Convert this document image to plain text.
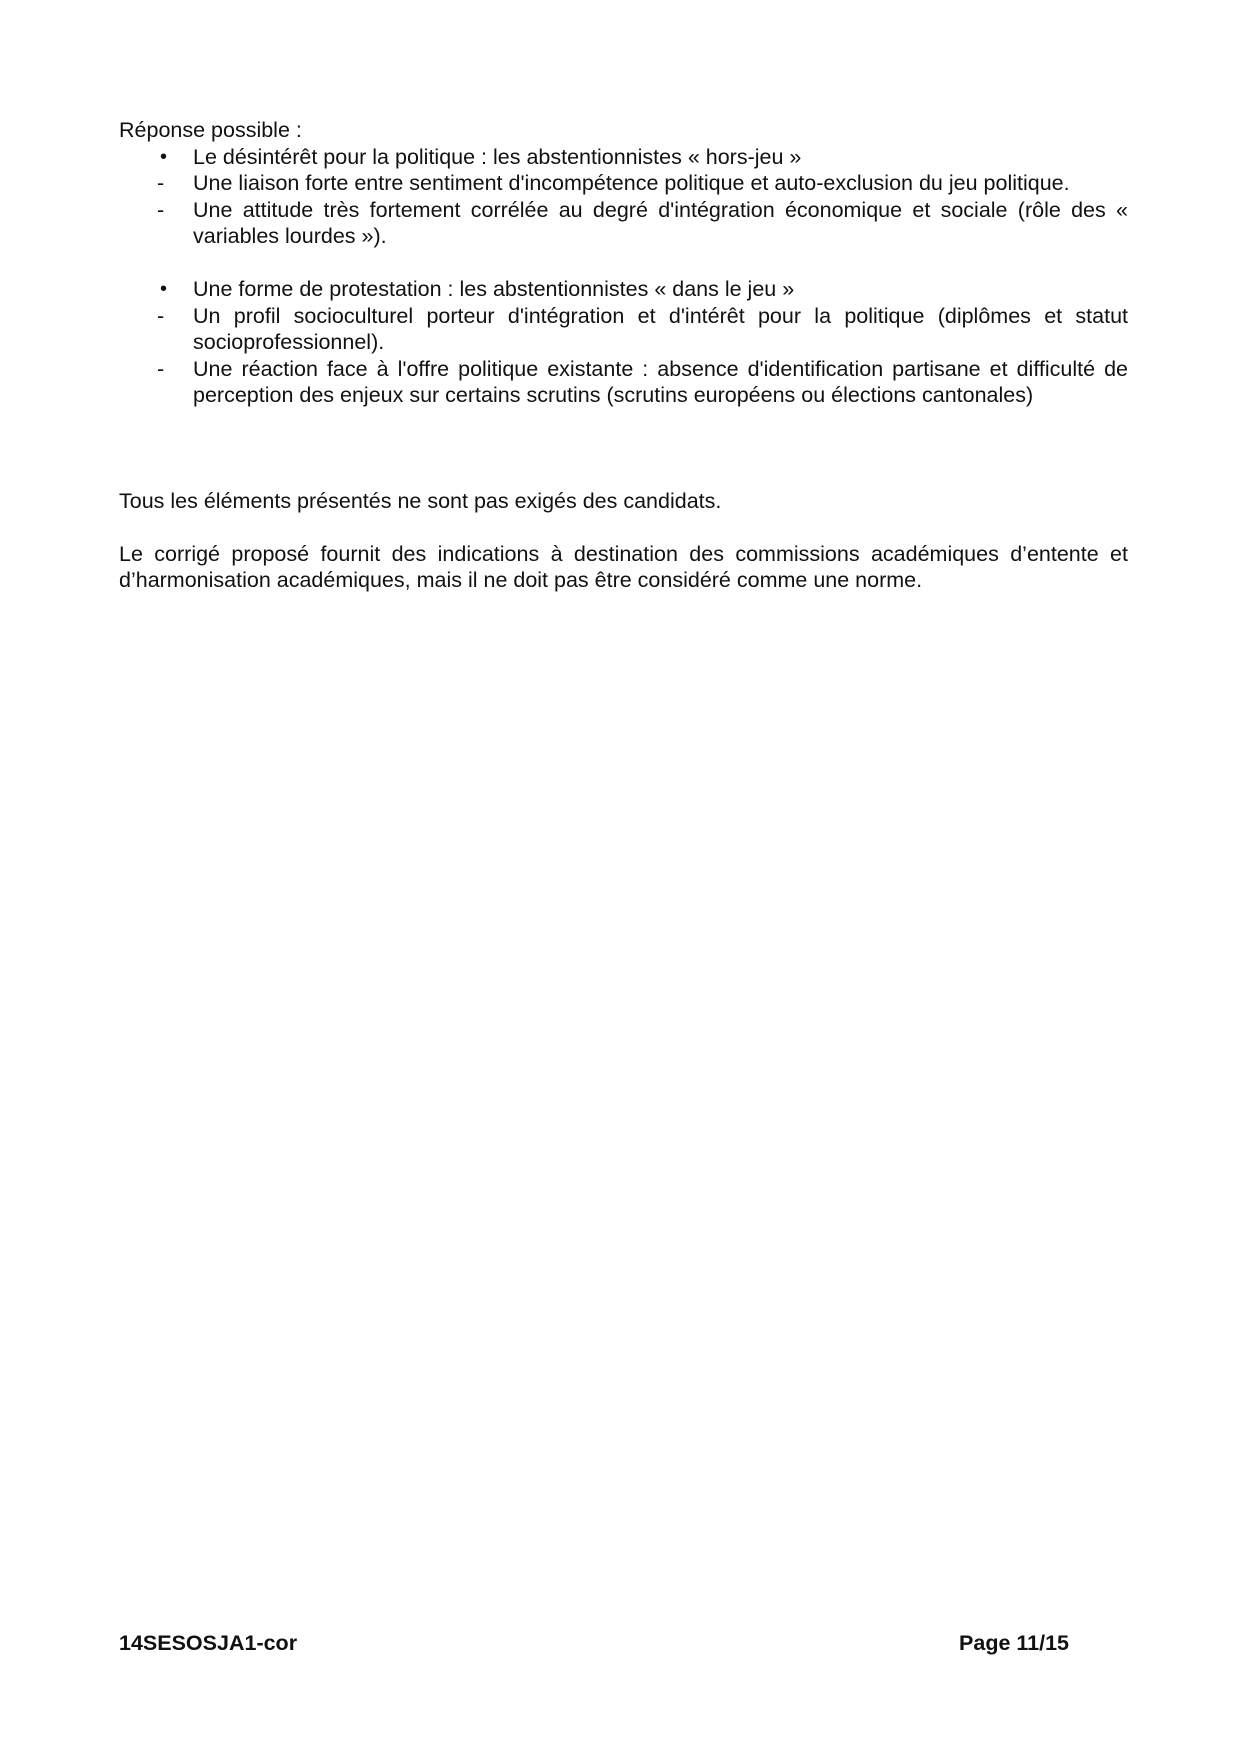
Réponse possible :

•	Le désintérêt pour la politique : les abstentionnistes « hors-jeu »
-	Une liaison forte entre sentiment d'incompétence politique et auto-exclusion du jeu politique.
-	Une attitude très fortement corrélée au degré d'intégration économique et sociale (rôle des « variables lourdes »).
•	Une forme de protestation : les abstentionnistes « dans le jeu »
-	Un profil socioculturel porteur d'intégration et d'intérêt pour la politique (diplômes et statut socioprofessionnel).
-	Une réaction face à l'offre politique existante : absence d'identification partisane et difficulté de perception des enjeux sur certains scrutins (scrutins européens ou élections cantonales)

Tous les éléments présentés ne sont pas exigés des candidats.

Le corrigé proposé fournit des indications à destination des commissions académiques d’entente et d’harmonisation académiques, mais il ne doit pas être considéré comme une norme.

14SESOSJA1-cor	Page 11/15
